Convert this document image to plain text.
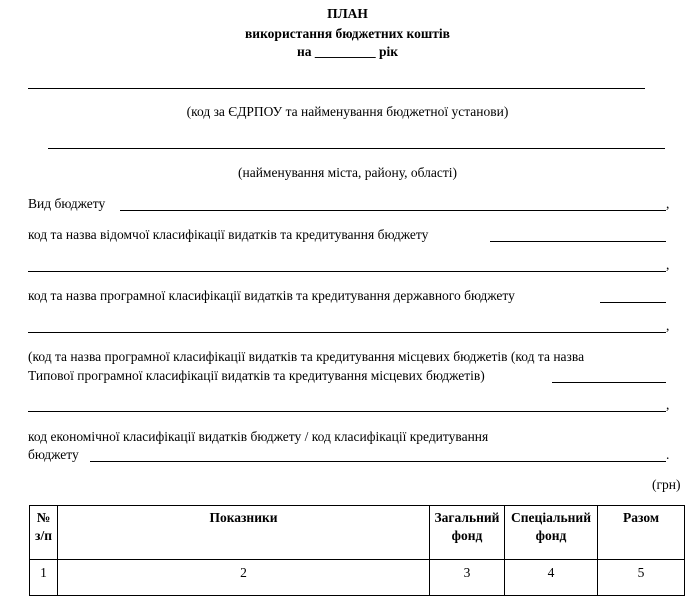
ПЛАН
використання бюджетних коштів
на _________ рік
(код за ЄДРПОУ та найменування бюджетної установи)
(найменування міста, району, області)
Вид бюджету	,
код та назва відомчої класифікації видатків та кредитування бюджету
,
код та назва програмної класифікації видатків та кредитування державного бюджету
,
(код та назва програмної класифікації видатків та кредитування місцевих бюджетів (код та назва
Типової програмної класифікації видатків та кредитування місцевих бюджетів)
,
код економічної класифікації видатків бюджету / код класифікації кредитування
бюджету	.
(грн)
№
з/п	Показники	Загальний
фонд	Спеціальний
фонд	Разом
1	2	3	4	5
